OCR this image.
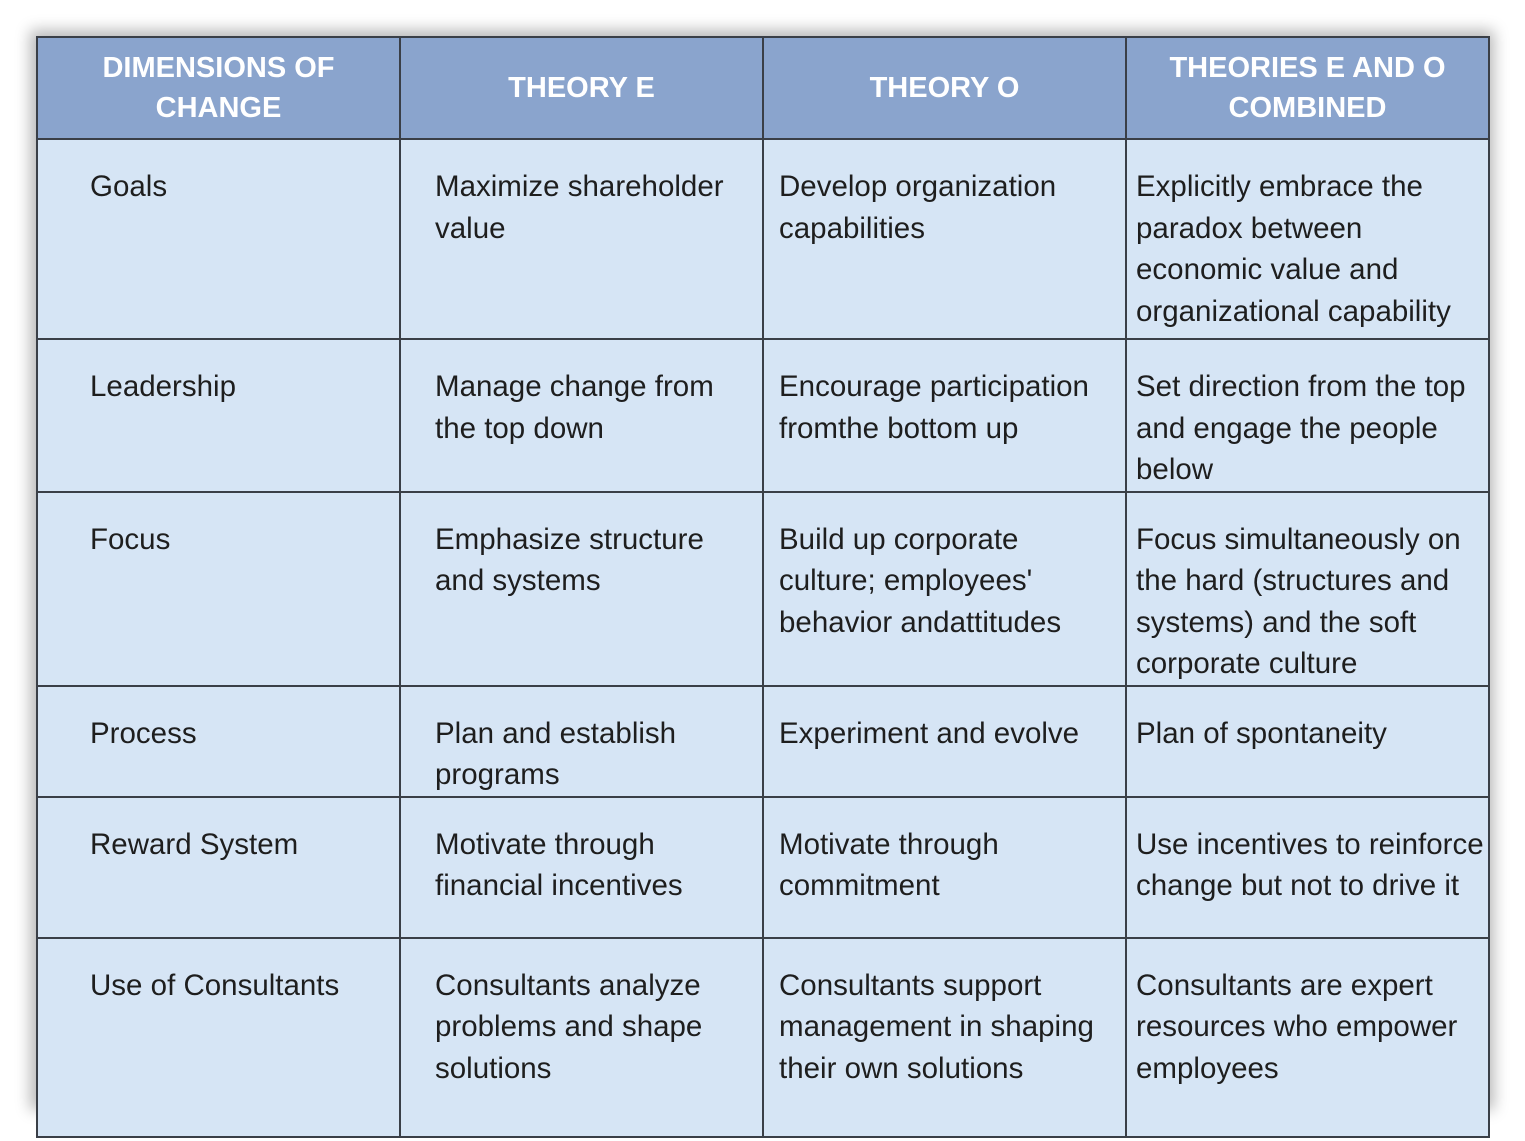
DIMENSIONS OF CHANGE	THEORY E	THEORY O	THEORIES E AND O COMBINED
Goals	Maximize shareholder value	Develop organization capabilities	Explicitly embrace the paradox between economic value and organizational capability
Leadership	Manage change from the top down	Encourage participation fromthe bottom up	Set direction from the top and engage the people below
Focus	Emphasize structure and systems	Build up corporate culture; employees' behavior andattitudes	Focus simultaneously on the hard (structures and systems) and the soft corporate culture
Process	Plan and establish programs	Experiment and evolve	Plan of spontaneity
Reward System	Motivate through financial incentives	Motivate through commitment	Use incentives to reinforce change but not to drive it
Use of Consultants	Consultants analyze problems and shape solutions	Consultants support management in shaping their own solutions	Consultants are expert resources who empower employees
